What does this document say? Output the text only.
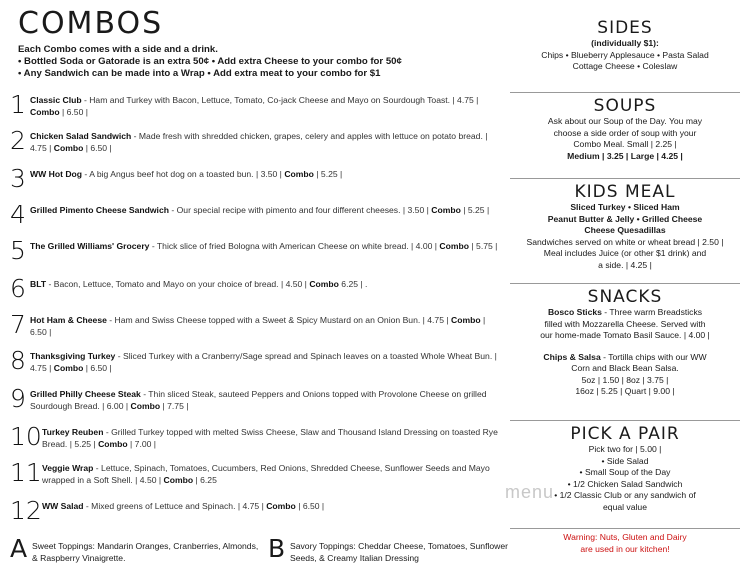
COMBOS
Each Combo comes with a side and a drink.
• Bottled Soda or Gatorade is an extra 50¢ • Add extra Cheese to your combo for 50¢
• Any Sandwich can be made into a Wrap • Add extra meat to your combo for $1
1 Classic Club - Ham and Turkey with Bacon, Lettuce, Tomato, Co-jack Cheese and Mayo on Sourdough Toast. | 4.75 | Combo | 6.50 |
2 Chicken Salad Sandwich - Made fresh with shredded chicken, grapes, celery and apples with lettuce on potato bread. | 4.75 | Combo | 6.50 |
3 WW Hot Dog - A big Angus beef hot dog on a toasted bun. | 3.50 | Combo | 5.25 |
4 Grilled Pimento Cheese Sandwich - Our special recipe with pimento and four different cheeses. | 3.50 | Combo | 5.25 |
5 The Grilled Williams' Grocery - Thick slice of fried Bologna with American Cheese on white bread. | 4.00 | Combo | 5.75 |
6 BLT - Bacon, Lettuce, Tomato and Mayo on your choice of bread. | 4.50 | Combo 6.25 | .
7 Hot Ham & Cheese - Ham and Swiss Cheese topped with a Sweet & Spicy Mustard on an Onion Bun. | 4.75 | Combo | 6.50 |
8 Thanksgiving Turkey - Sliced Turkey with a Cranberry/Sage spread and Spinach leaves on a toasted Whole Wheat Bun. | 4.75 | Combo | 6.50 |
9 Grilled Philly Cheese Steak - Thin sliced Steak, sauteed Peppers and Onions topped with Provolone Cheese on grilled Sourdough Bread. | 6.00 | Combo | 7.75 |
10 Turkey Reuben - Grilled Turkey topped with melted Swiss Cheese, Slaw and Thousand Island Dressing on toasted Rye Bread. | 5.25 | Combo | 7.00 |
11 Veggie Wrap - Lettuce, Spinach, Tomatoes, Cucumbers, Red Onions, Shredded Cheese, Sunflower Seeds and Mayo wrapped in a Soft Shell. | 4.50 | Combo | 6.25
12 WW Salad - Mixed greens of Lettuce and Spinach. | 4.75 | Combo | 6.50 |
A Sweet Toppings: Mandarin Oranges, Cranberries, Almonds, & Raspberry Vinaigrette.	B Savory Toppings: Cheddar Cheese, Tomatoes, Sunflower Seeds, & Creamy Italian Dressing
SIDES
(individually $1):
Chips • Blueberry Applesauce • Pasta Salad
Cottage Cheese • Coleslaw
SOUPS
Ask about our Soup of the Day. You may
choose a side order of soup with your
Combo Meal. Small | 2.25 |
Medium | 3.25 | Large | 4.25 |
KIDS MEAL
Sliced Turkey • Sliced Ham
Peanut Butter & Jelly • Grilled Cheese
Cheese Quesadillas
Sandwiches served on white or wheat bread | 2.50 |
Meal includes Juice (or other $1 drink) and
a side. | 4.25 |
SNACKS
Bosco Sticks - Three warm Breadsticks
filled with Mozzarella Cheese. Served with
our home-made Tomato Basil Sauce. | 4.00 |
Chips & Salsa - Tortilla chips with our WW
Corn and Black Bean Salsa.
5oz | 1.50 | 8oz | 3.75 |
16oz | 5.25 | Quart | 9.00 |
PICK A PAIR
Pick two for | 5.00 |
• Side Salad
• Small Soup of the Day
• 1/2 Chicken Salad Sandwich
• 1/2 Classic Club or any sandwich of
equal value
Warning: Nuts, Gluten and Dairy
are used in our kitchen!
menu
